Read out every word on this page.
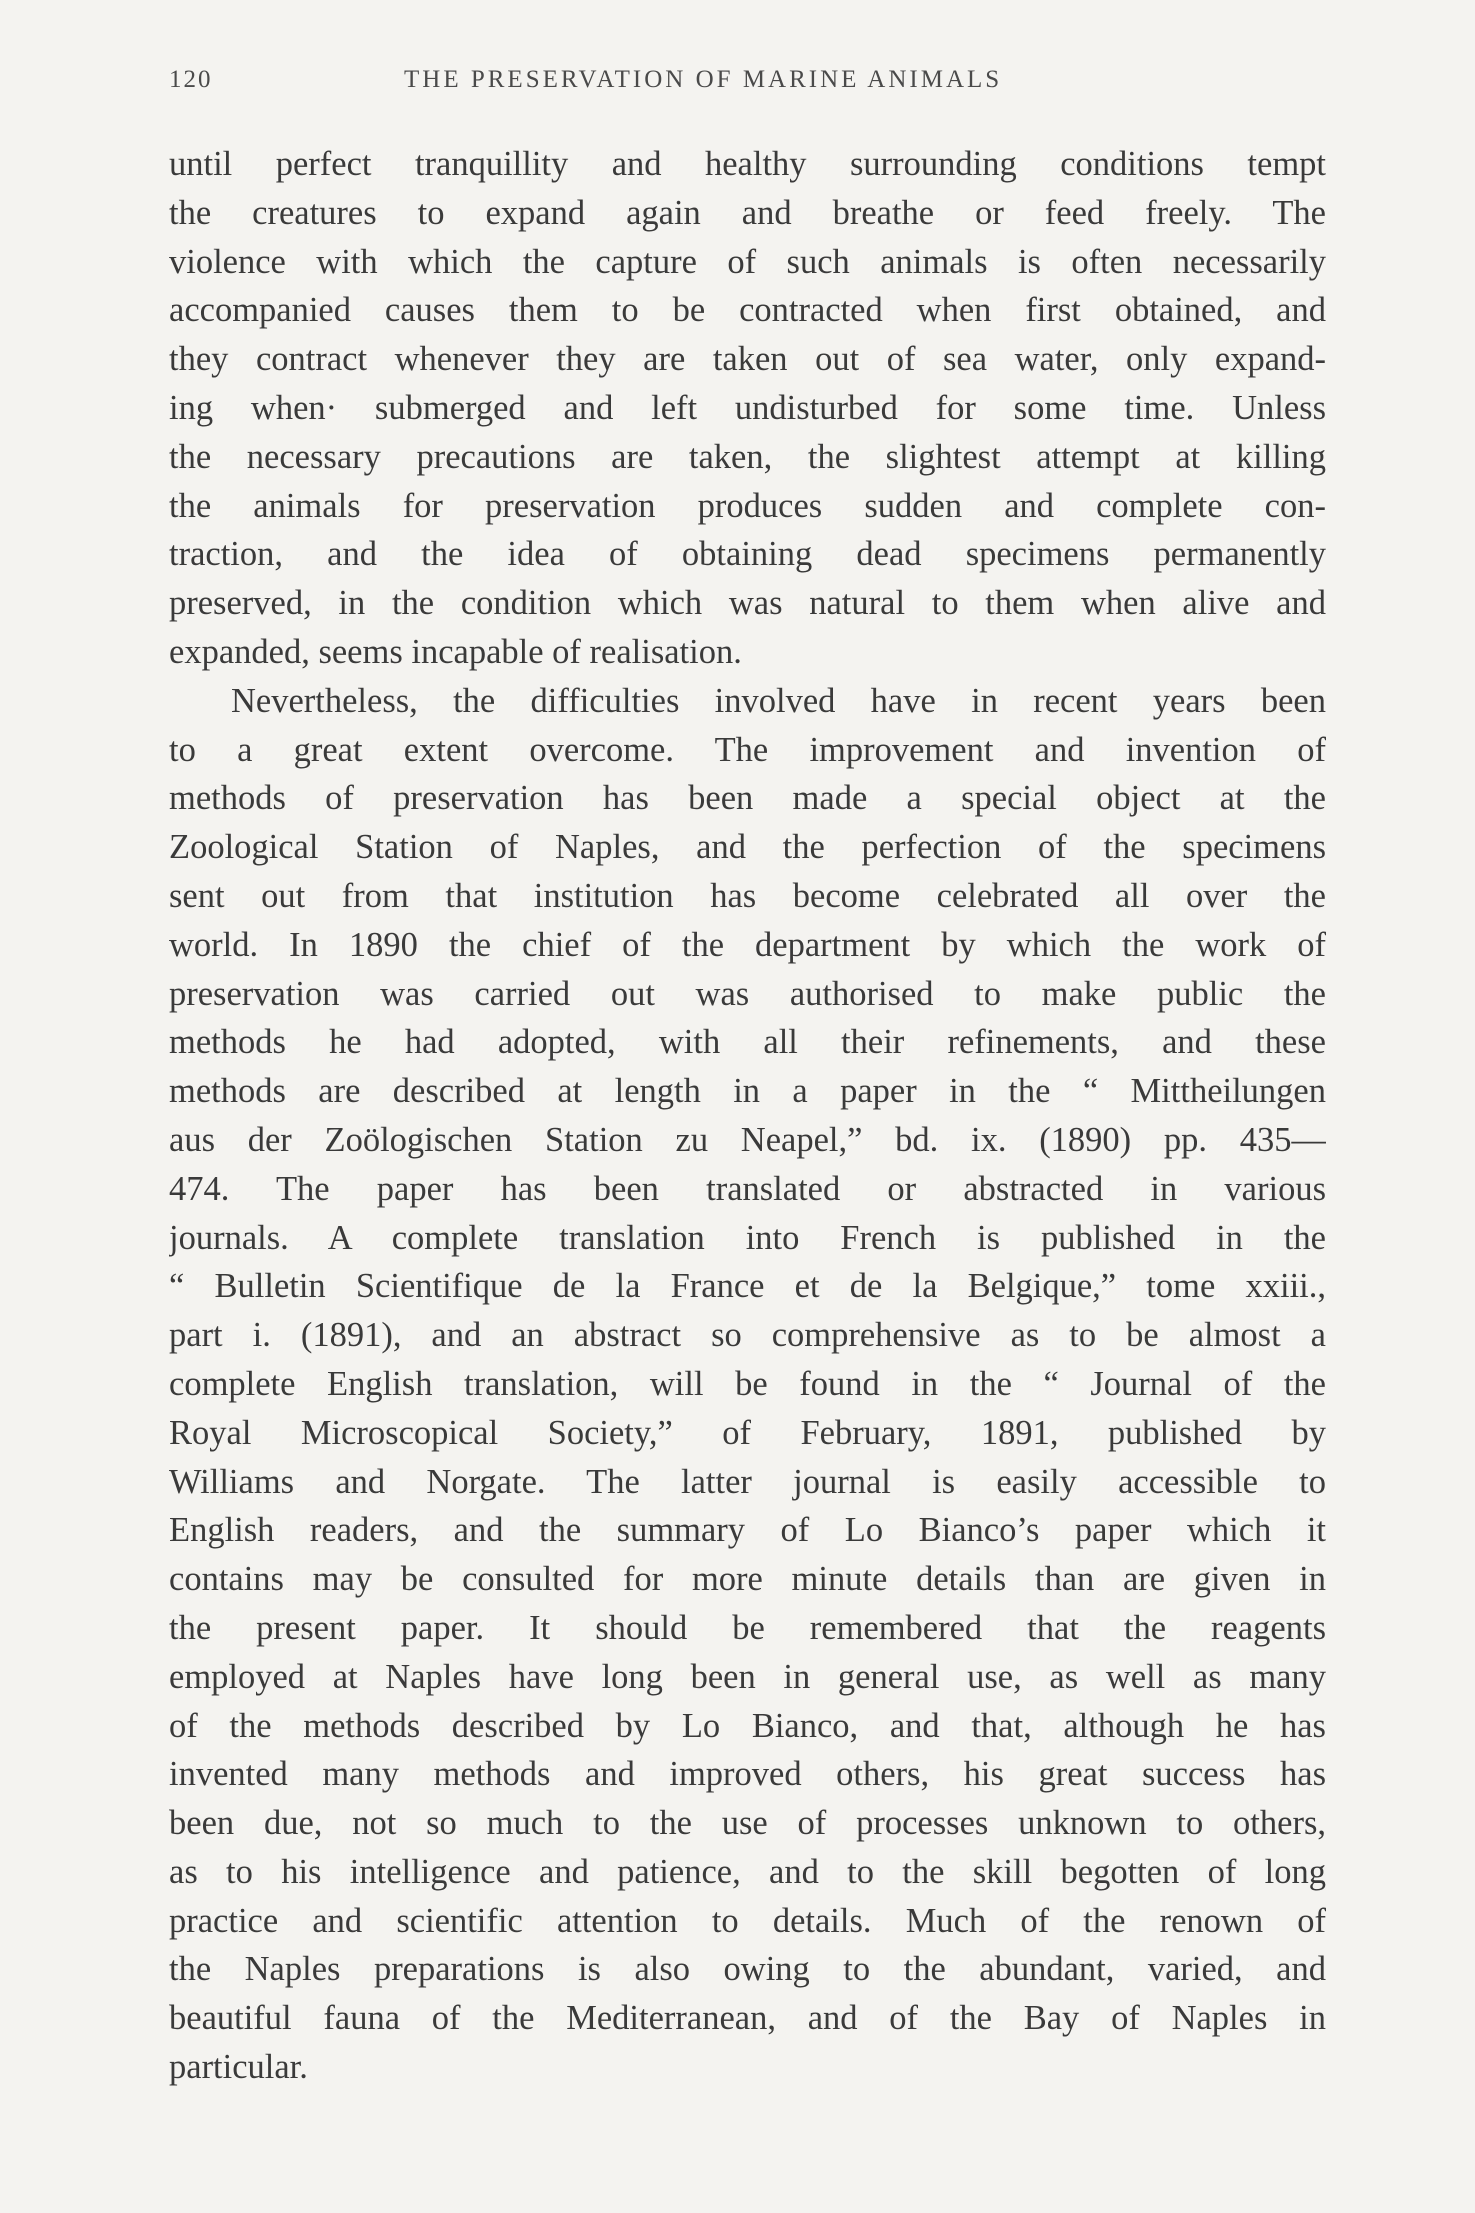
120	THE PRESERVATION OF MARINE ANIMALS
until perfect tranquillity and healthy surrounding conditions tempt
the creatures to expand again and breathe or feed freely. The
violence with which the capture of such animals is often necessarily
accompanied causes them to be contracted when first obtained, and
they contract whenever they are taken out of sea water, only expand-
ing when· submerged and left undisturbed for some time. Unless
the necessary precautions are taken, the slightest attempt at killing
the animals for preservation produces sudden and complete con-
traction, and the idea of obtaining dead specimens permanently
preserved, in the condition which was natural to them when alive and
expanded, seems incapable of realisation.
Nevertheless, the difficulties involved have in recent years been
to a great extent overcome. The improvement and invention of
methods of preservation has been made a special object at the
Zoological Station of Naples, and the perfection of the specimens
sent out from that institution has become celebrated all over the
world. In 1890 the chief of the department by which the work of
preservation was carried out was authorised to make public the
methods he had adopted, with all their refinements, and these
methods are described at length in a paper in the “ Mittheilungen
aus der Zoölogischen Station zu Neapel,” bd. ix. (1890) pp. 435—
474. The paper has been translated or abstracted in various
journals. A complete translation into French is published in the
“ Bulletin Scientifique de la France et de la Belgique,” tome xxiii.,
part i. (1891), and an abstract so comprehensive as to be almost a
complete English translation, will be found in the “ Journal of the
Royal Microscopical Society,” of February, 1891, published by
Williams and Norgate. The latter journal is easily accessible to
English readers, and the summary of Lo Bianco’s paper which it
contains may be consulted for more minute details than are given in
the present paper. It should be remembered that the reagents
employed at Naples have long been in general use, as well as many
of the methods described by Lo Bianco, and that, although he has
invented many methods and improved others, his great success has
been due, not so much to the use of processes unknown to others,
as to his intelligence and patience, and to the skill begotten of long
practice and scientific attention to details. Much of the renown of
the Naples preparations is also owing to the abundant, varied, and
beautiful fauna of the Mediterranean, and of the Bay of Naples in
particular.
